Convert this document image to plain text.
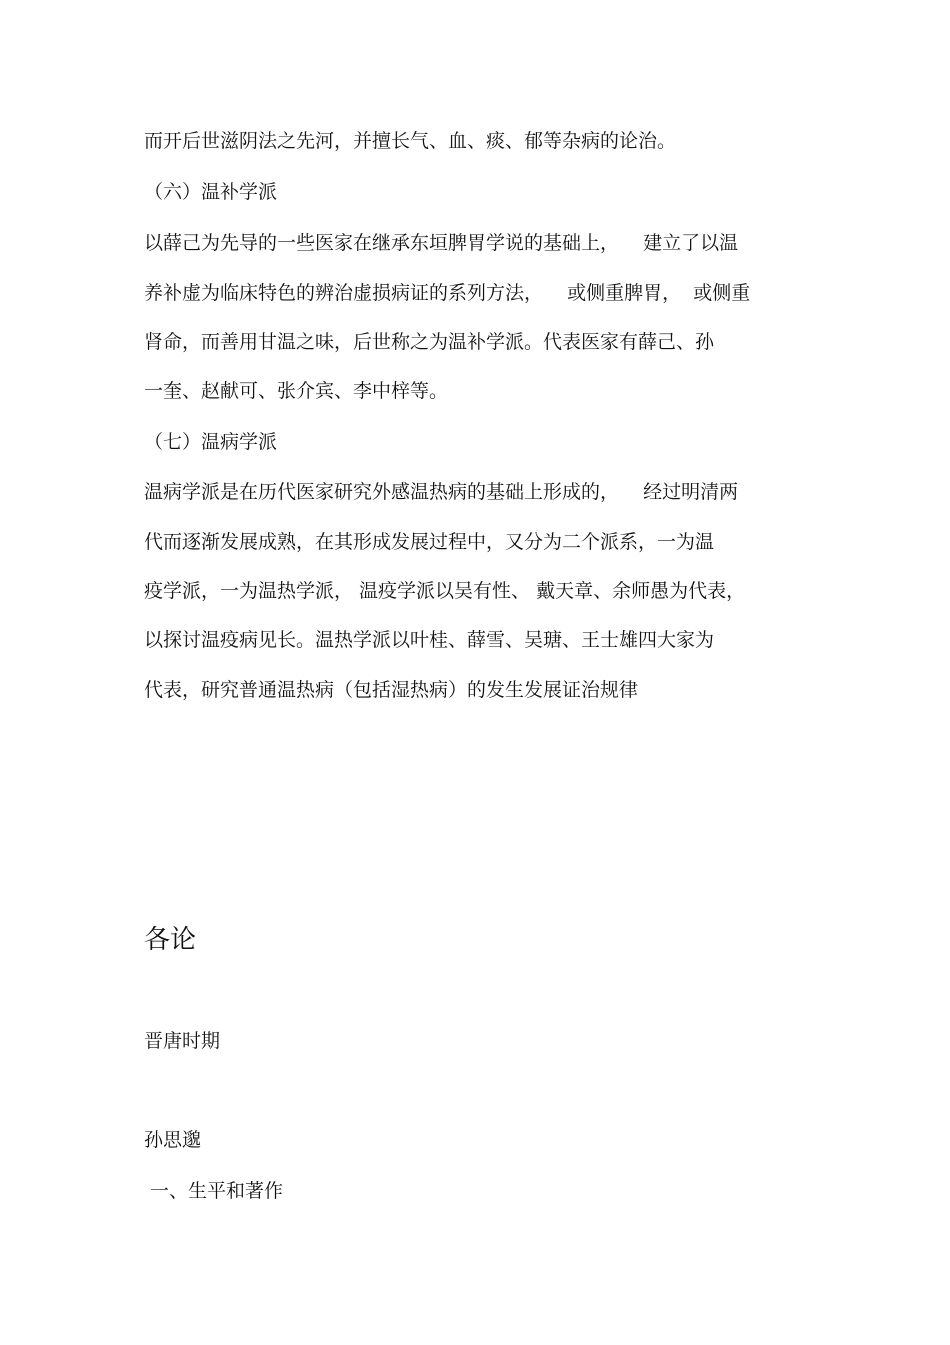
而开后世滋阴法之先河，并擅长气、血、痰、郁等杂病的论治。

（六）温补学派

以薛己为先导的一些医家在继承东垣脾胃学说的基础上，    建立了以温

养补虚为临床特色的辨治虚损病证的系列方法，    或侧重脾胃，  或侧重

肾命，而善用甘温之味，后世称之为温补学派。代表医家有薛己、孙

一奎、赵献可、张介宾、李中梓等。

（七）温病学派

温病学派是在历代医家研究外感温热病的基础上形成的，    经过明清两

代而逐渐发展成熟，在其形成发展过程中，又分为二个派系，一为温

疫学派，一为温热学派， 温疫学派以吴有性、 戴天章、余师愚为代表，

以探讨温疫病见长。温热学派以叶桂、薛雪、吴瑭、王士雄四大家为

代表，研究普通温热病（包括湿热病）的发生发展证治规律

各论

晋唐时期

孙思邈

一、生平和著作
